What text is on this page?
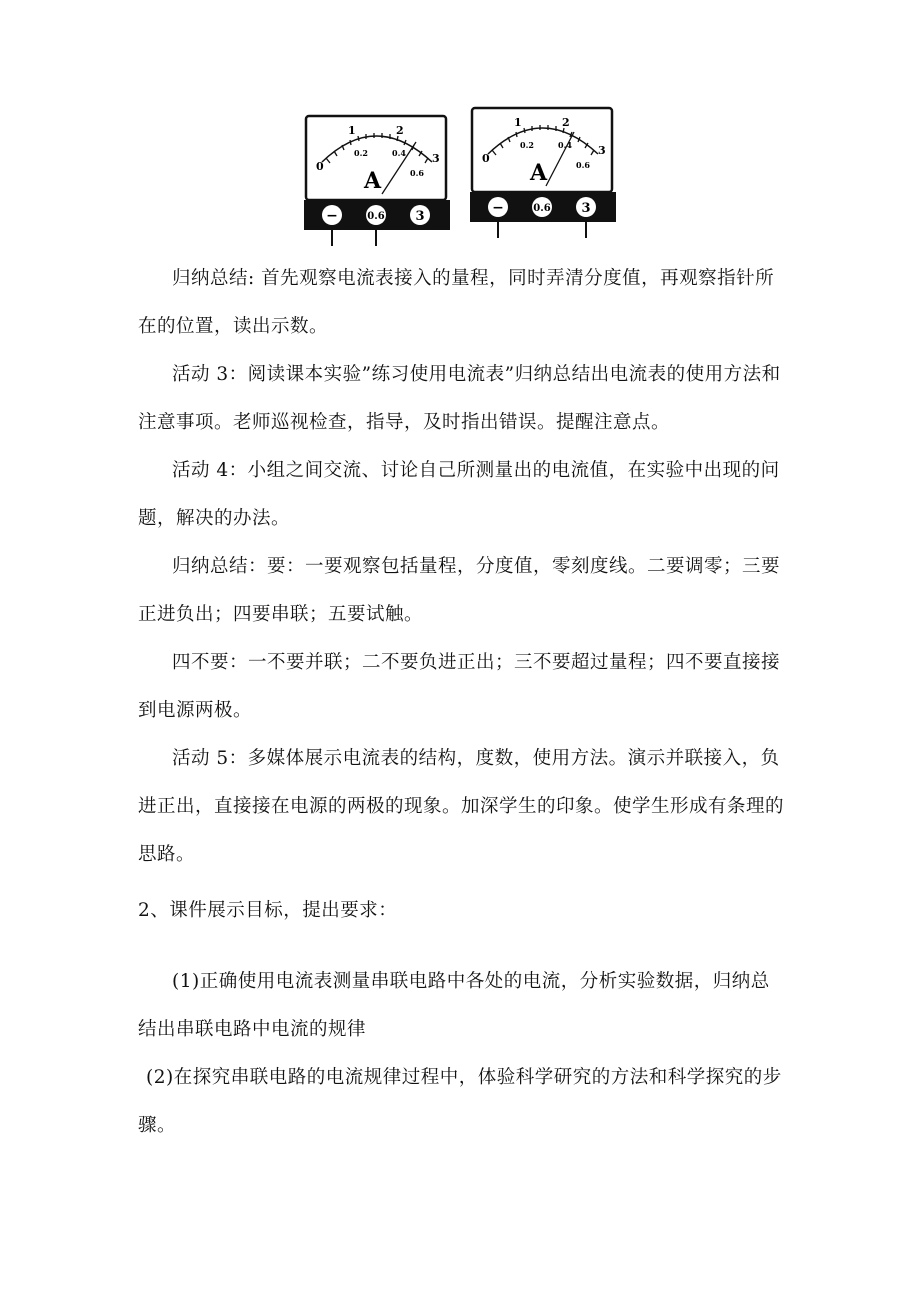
0
1	2
3
0.2	0.4
0.6
A
−	0.6 3
0
1	2
3
0.2	0.4
0.6
A
−	0.6 3

归纳总结: 首先观察电流表接入的量程，同时弄清分度值，再观察指针所在的位置，读出示数。

活动 3：阅读课本实验”练习使用电流表”归纳总结出电流表的使用方法和注意事项。老师巡视检查，指导，及时指出错误。提醒注意点。

活动 4：小组之间交流、讨论自己所测量出的电流值，在实验中出现的问题，解决的办法。

归纳总结：要：一要观察包括量程，分度值，零刻度线。二要调零；三要正进负出；四要串联；五要试触。

四不要：一不要并联；二不要负进正出；三不要超过量程；四不要直接接到电源两极。

活动 5：多媒体展示电流表的结构，度数，使用方法。演示并联接入，负进正出，直接接在电源的两极的现象。加深学生的印象。使学生形成有条理的思路。

2、课件展示目标，提出要求：

(1)正确使用电流表测量串联电路中各处的电流，分析实验数据，归纳总结出串联电路中电流的规律

(2)在探究串联电路的电流规律过程中，体验科学研究的方法和科学探究的步骤。
